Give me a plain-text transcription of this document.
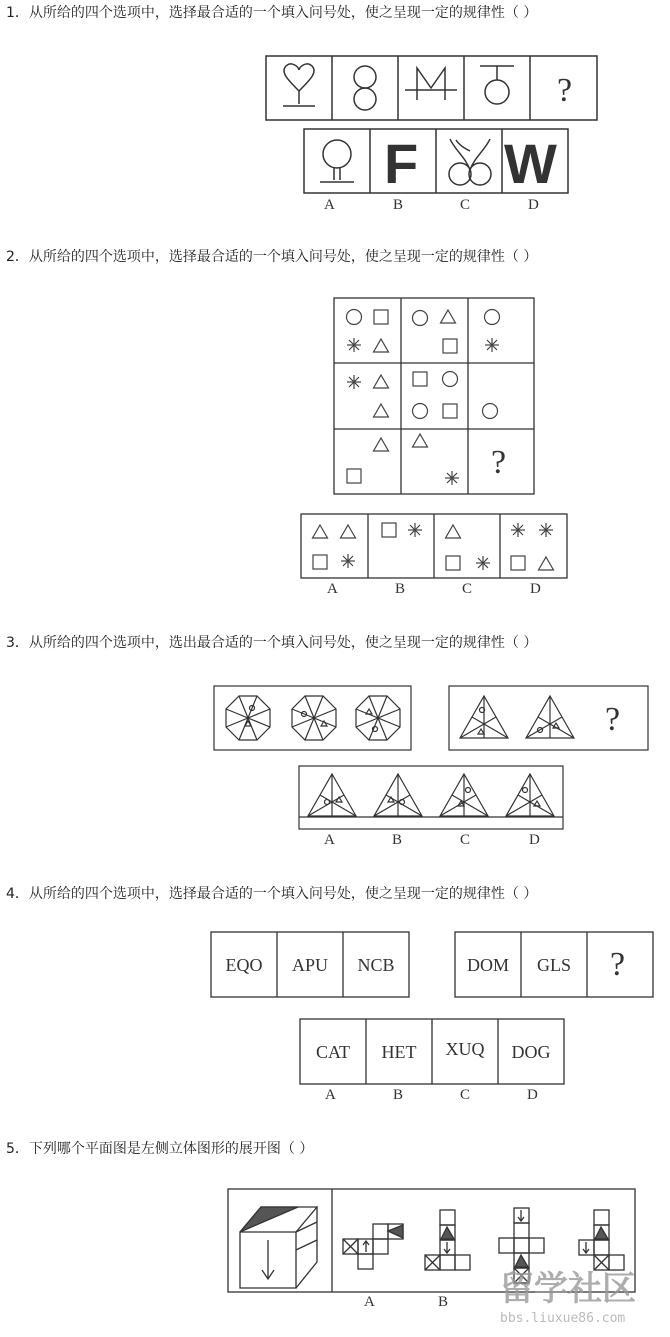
1．从所给的四个选项中，选择最合适的一个填入问号处，使之呈现一定的规律性（ ）
2．从所给的四个选项中，选择最合适的一个填入问号处，使之呈现一定的规律性（ ）
3．从所给的四个选项中，选出最合适的一个填入问号处，使之呈现一定的规律性（ ）
4．从所给的四个选项中，选择最合适的一个填入问号处，使之呈现一定的规律性（ ）
5．下列哪个平面图是左侧立体图形的展开图（ ）
?
F W
A	B	C	D
?
A	B	C	D
?
A	B	C	D
EQO APU NCB	DOM GLS ?
CAT HET XUQ DOG
A	B	C	D
A	B 留学社区
bbs.liuxue86.com
